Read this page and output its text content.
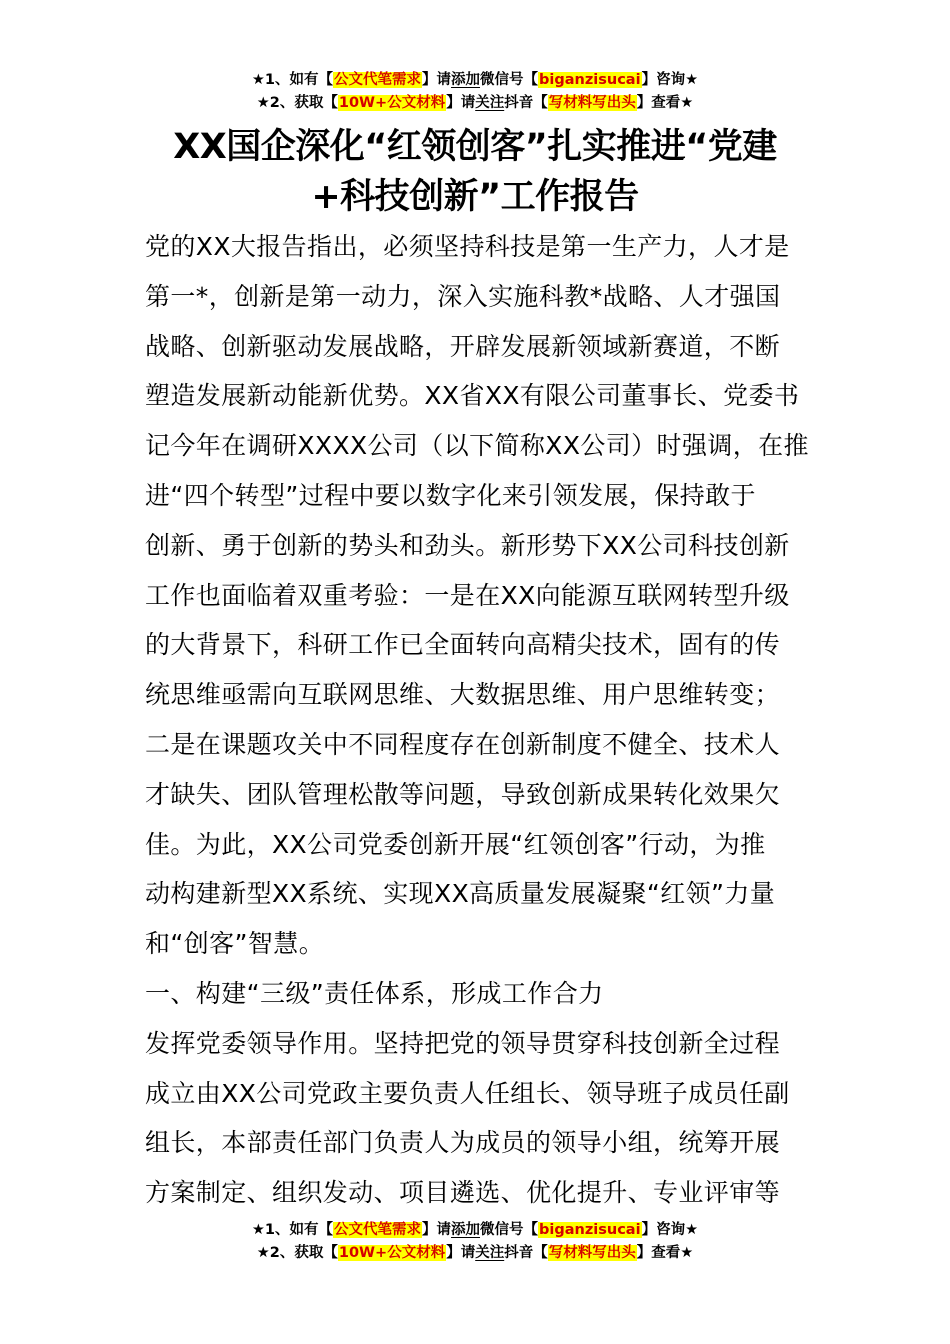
★1、如有【公文代笔需求】请添加微信号【biganzisucai】咨询★
★2、获取【10W+公文材料】请关注抖音【写材料写出头】查看★
XX国企深化“红领创客”扎实推进“党建
+科技创新”工作报告
党的XX大报告指出，必须坚持科技是第一生产力，人才是
第一*，创新是第一动力，深入实施科教*战略、人才强国
战略、创新驱动发展战略，开辟发展新领域新赛道，不断
塑造发展新动能新优势。XX省XX有限公司董事长、党委书
记今年在调研XXXX公司（以下简称XX公司）时强调，在推
进“四个转型”过程中要以数字化来引领发展，保持敢于
创新、勇于创新的势头和劲头。新形势下XX公司科技创新
工作也面临着双重考验：一是在XX向能源互联网转型升级
的大背景下，科研工作已全面转向高精尖技术，固有的传
统思维亟需向互联网思维、大数据思维、用户思维转变；
二是在课题攻关中不同程度存在创新制度不健全、技术人
才缺失、团队管理松散等问题，导致创新成果转化效果欠
佳。为此，XX公司党委创新开展“红领创客”行动，为推
动构建新型XX系统、实现XX高质量发展凝聚“红领”力量
和“创客”智慧。
一、构建“三级”责任体系，形成工作合力
发挥党委领导作用。坚持把党的领导贯穿科技创新全过程
成立由XX公司党政主要负责人任组长、领导班子成员任副
组长，本部责任部门负责人为成员的领导小组，统筹开展
方案制定、组织发动、项目遴选、优化提升、专业评审等
★1、如有【公文代笔需求】请添加微信号【biganzisucai】咨询★
★2、获取【10W+公文材料】请关注抖音【写材料写出头】查看★
